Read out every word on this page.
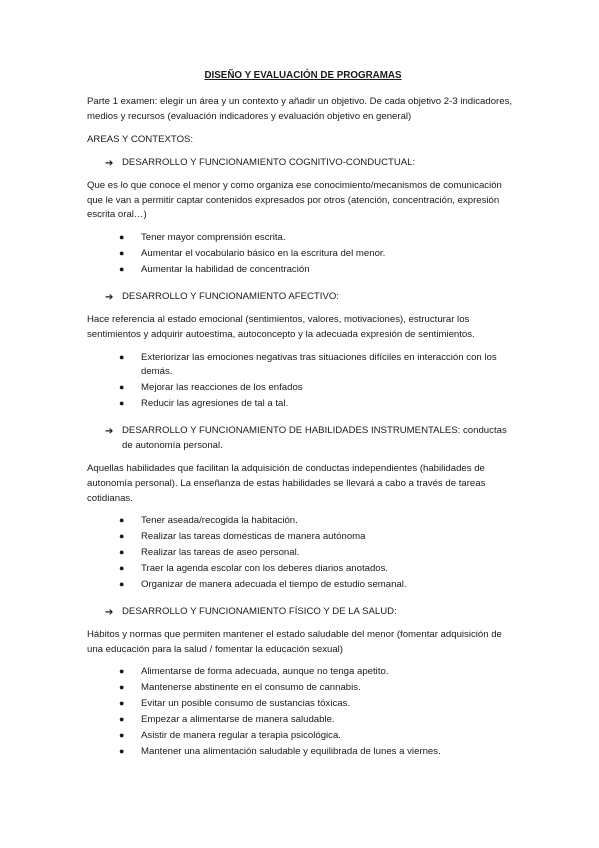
DISEÑO Y EVALUACIÓN DE PROGRAMAS

Parte 1 examen: elegir un área y un contexto y añadir un objetivo. De cada objetivo 2-3 indicadores, medios y recursos (evaluación indicadores y evaluación objetivo en general)

AREAS Y CONTEXTOS:

➔ DESARROLLO Y FUNCIONAMIENTO COGNITIVO-CONDUCTUAL:

Que es lo que conoce el menor y como organiza ese conocimiento/mecanismos de comunicación que le van a permitir captar contenidos expresados por otros (atención, concentración, expresión escrita oral…)

●	Tener mayor comprensión escrita.
●	Aumentar el vocabulario básico en la escritura del menor.
●	Aumentar la habilidad de concentración
➔ DESARROLLO Y FUNCIONAMIENTO AFECTIVO:

Hace referencia al estado emocional (sentimientos, valores, motivaciones), estructurar los sentimientos y adquirir autoestima, autoconcepto y la adecuada expresión de sentimientos.

●	Exteriorizar las emociones negativas tras situaciones difíciles en interacción con los demás.
●	Mejorar las reacciones de los enfados
●	Reducir las agresiones de tal a tal.
➔ DESARROLLO Y FUNCIONAMIENTO DE HABILIDADES INSTRUMENTALES: conductas de autonomía personal.

Aquellas habilidades que facilitan la adquisición de conductas independientes (habilidades de autonomía personal). La enseñanza de estas habilidades se llevará a cabo a través de tareas cotidianas.

●	Tener aseada/recogida la habitación.
●	Realizar las tareas domésticas de manera autónoma
●	Realizar las tareas de aseo personal.
●	Traer la agenda escolar con los deberes diarios anotados.
●	Organizar de manera adecuada el tiempo de estudio semanal.
➔ DESARROLLO Y FUNCIONAMIENTO FÍSICO Y DE LA SALUD:

Hábitos y normas que permiten mantener el estado saludable del menor (fomentar adquisición de una educación para la salud / fomentar la educación sexual)

●	Alimentarse de forma adecuada, aunque no tenga apetito.
●	Mantenerse abstinente en el consumo de cannabis.
●	Evitar un posible consumo de sustancias tóxicas.
●	Empezar a alimentarse de manera saludable.
●	Asistir de manera regular a terapia psicológica.
●	Mantener una alimentación saludable y equilibrada de lunes a viernes.
